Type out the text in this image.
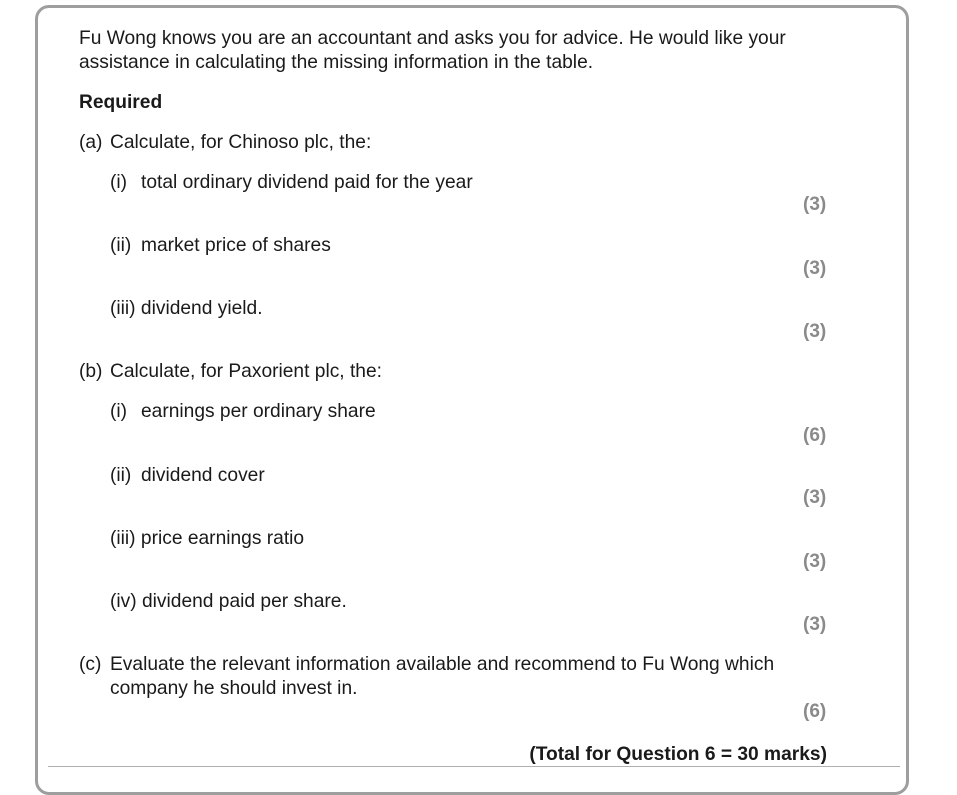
Fu Wong knows you are an accountant and asks you for advice. He would like your
assistance in calculating the missing information in the table.
Required
(a) Calculate, for Chinoso plc, the:
(i) total ordinary dividend paid for the year
(3)
(ii) market price of shares
(3)
(iii) dividend yield.
(3)
(b) Calculate, for Paxorient plc, the:
(i) earnings per ordinary share
(6)
(ii) dividend cover
(3)
(iii) price earnings ratio
(3)
(iv) dividend paid per share.
(3)
(c) Evaluate the relevant information available and recommend to Fu Wong which
company he should invest in.
(6)
(Total for Question 6 = 30 marks)
